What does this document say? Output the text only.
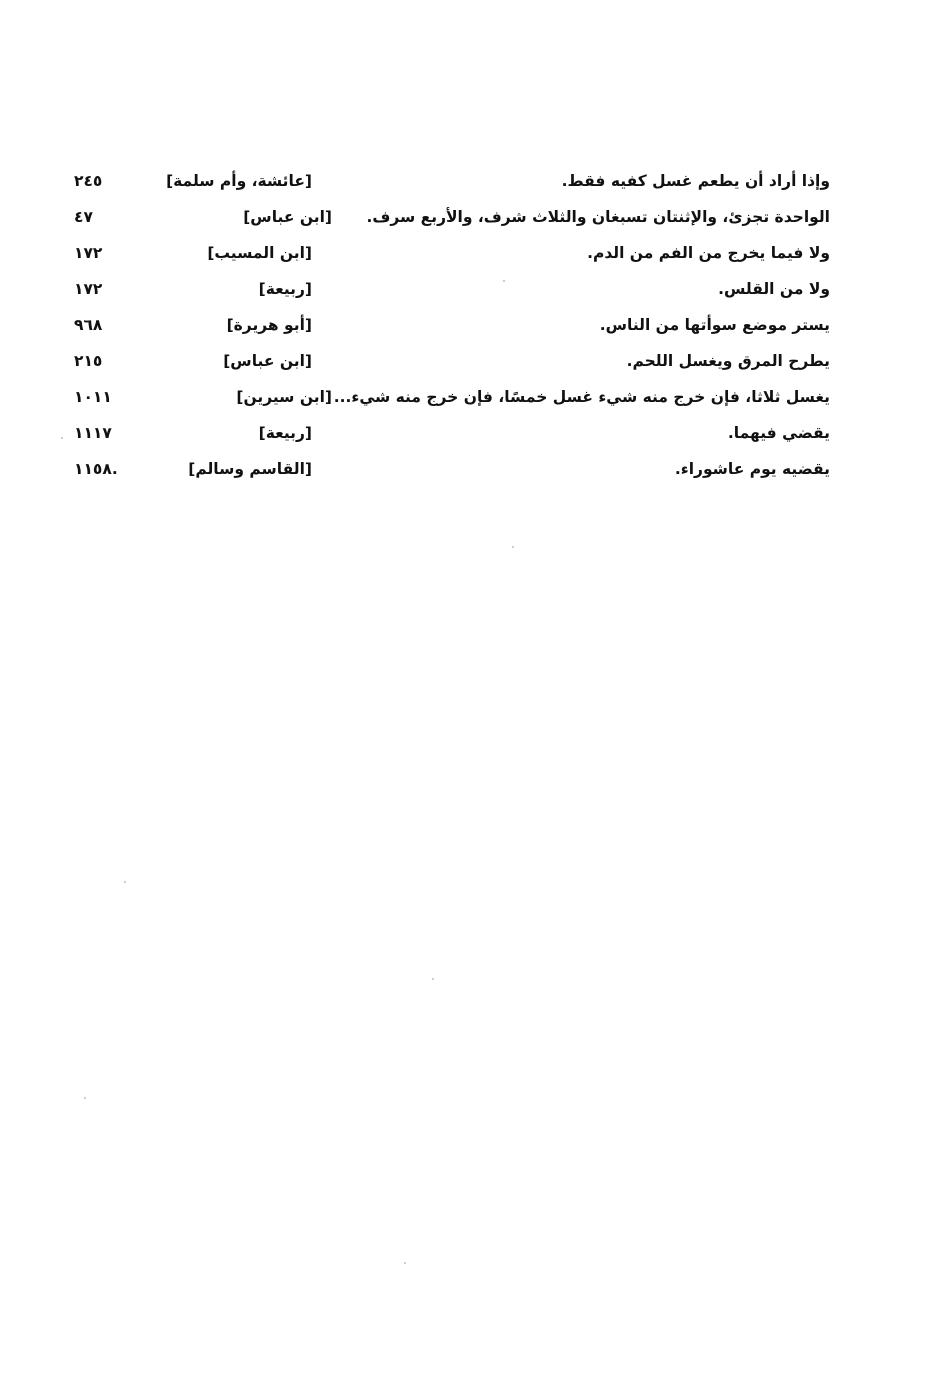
وإذا أراد أن يطعم غسل كفيه فقط.
[عائشة، وأم سلمة]
٢٤٥
الواحدة تجزئ، والإثنتان تسبغان والثلاث شرف، والأربع سرف.
[ابن عباس]
٤٧
ولا فيما يخرج من الفم من الدم.
[ابن المسيب]
١٧٢
ولا من القلس.
[ربيعة]
١٧٢
يستر موضع سوأتها من الناس.
[أبو هريرة]
٩٦٨
يطرح المرق ويغسل اللحم.
[ابن عباس]
٢١٥
يغسل ثلاثا، فإن خرج منه شيء غسل خمسًا، فإن خرج منه شيء...
[ابن سيرين]
١٠١١
يقضي فيهما.
[ربيعة]
١١١٧
يقضيه يوم عاشوراء.
[القاسم وسالم]
.١١٥٨
